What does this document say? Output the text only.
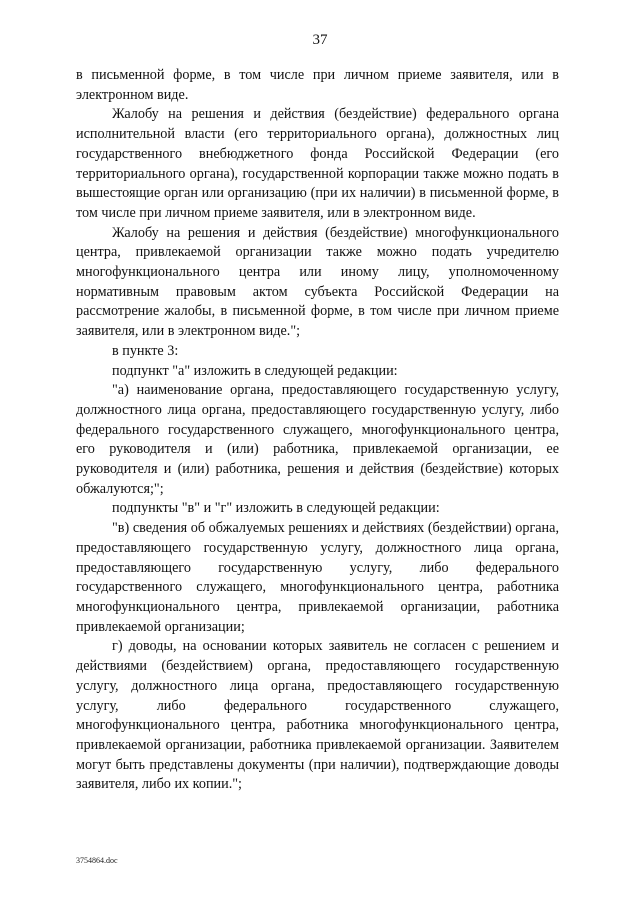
37

в письменной форме, в том числе при личном приеме заявителя, или в электронном виде.

Жалобу на решения и действия (бездействие) федерального органа исполнительной власти (его территориального органа), должностных лиц государственного внебюджетного фонда Российской Федерации (его территориального органа), государственной корпорации также можно подать в вышестоящие орган или организацию (при их наличии) в письменной форме, в том числе при личном приеме заявителя, или в электронном виде.

Жалобу на решения и действия (бездействие) многофункционального центра, привлекаемой организации также можно подать учредителю многофункционального центра или иному лицу, уполномоченному нормативным правовым актом субъекта Российской Федерации на рассмотрение жалобы, в письменной форме, в том числе при личном приеме заявителя, или в электронном виде.";

в пункте 3:

подпункт "а" изложить в следующей редакции:

"а) наименование органа, предоставляющего государственную услугу, должностного лица органа, предоставляющего государственную услугу, либо федерального государственного служащего, многофункционального центра, его руководителя и (или) работника, привлекаемой организации, ее руководителя и (или) работника, решения и действия (бездействие) которых обжалуются;";

подпункты "в" и "г" изложить в следующей редакции:

"в) сведения об обжалуемых решениях и действиях (бездействии) органа, предоставляющего государственную услугу, должностного лица органа, предоставляющего государственную услугу, либо федерального государственного служащего, многофункционального центра, работника многофункционального центра, привлекаемой организации, работника привлекаемой организации;

г) доводы, на основании которых заявитель не согласен с решением и действиями (бездействием) органа, предоставляющего государственную услугу, должностного лица органа, предоставляющего государственную услугу, либо федерального государственного служащего, многофункционального центра, работника многофункционального центра, привлекаемой организации, работника привлекаемой организации. Заявителем могут быть представлены документы (при наличии), подтверждающие доводы заявителя, либо их копии.";

3754864.doc
